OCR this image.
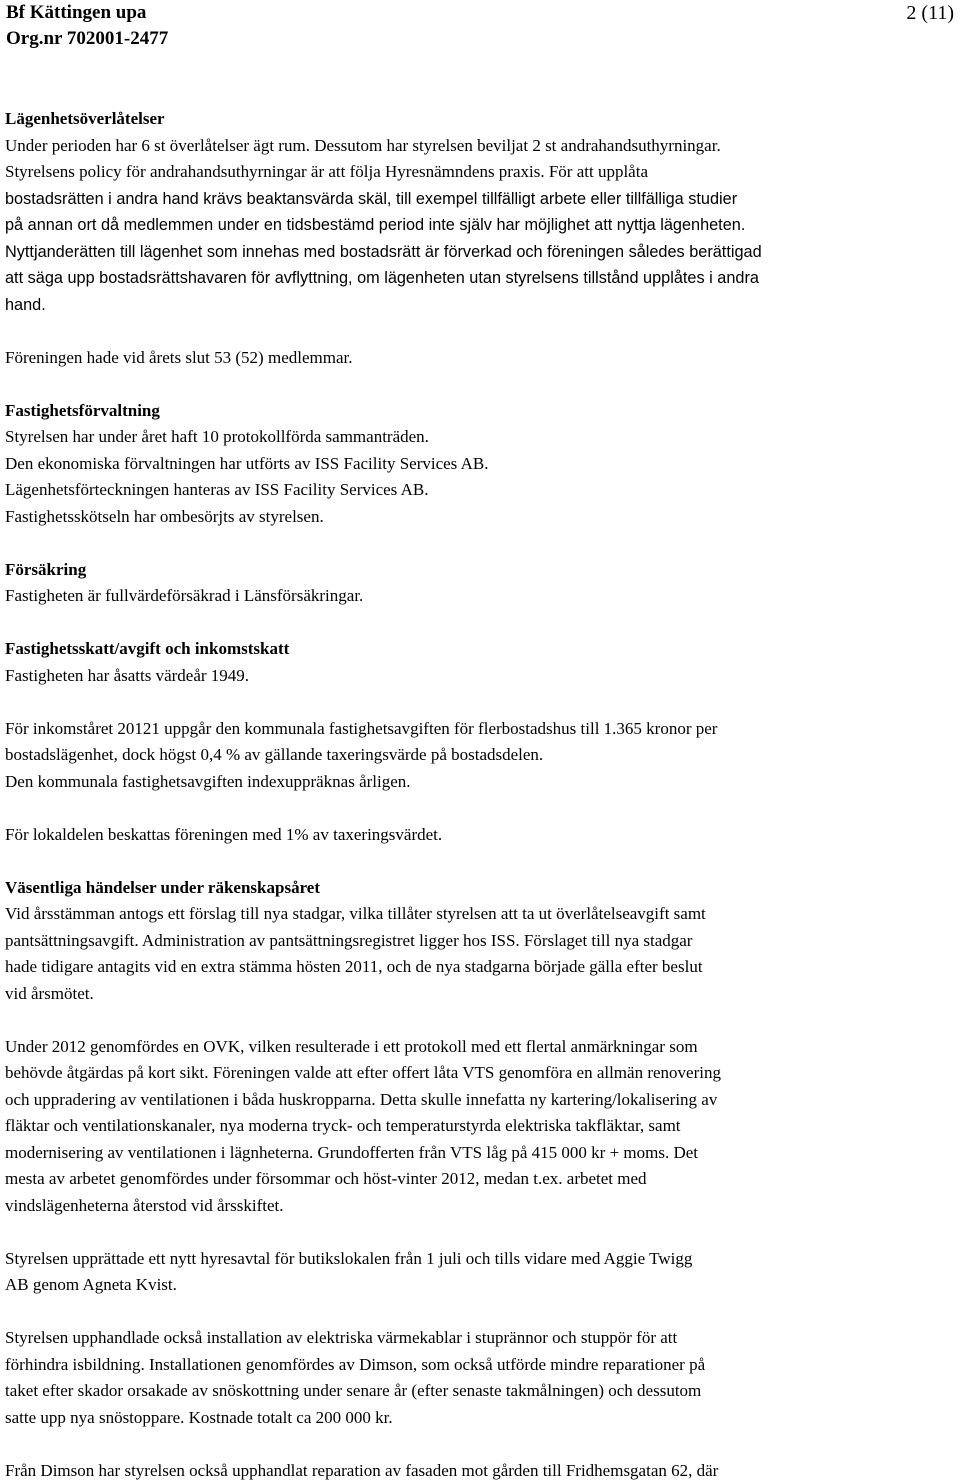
Bf Kättingen upa	2 (11)
Org.nr 702001-2477
Lägenhetsöverlåtelser
Under perioden har 6 st överlåtelser ägt rum. Dessutom har styrelsen beviljat 2 st andrahandsuthyrningar.
Styrelsens policy för andrahandsuthyrningar är att följa Hyresnämndens praxis. För att upplåta
bostadsrätten i andra hand krävs beaktansvärda skäl, till exempel tillfälligt arbete eller tillfälliga studier
på annan ort då medlemmen under en tidsbestämd period inte själv har möjlighet att nyttja lägenheten.
Nyttjanderätten till lägenhet som innehas med bostadsrätt är förverkad och föreningen således berättigad
att säga upp bostadsrättshavaren för avflyttning, om lägenheten utan styrelsens tillstånd upplåtes i andra
hand.
Föreningen hade vid årets slut 53 (52) medlemmar.
Fastighetsförvaltning
Styrelsen har under året haft 10 protokollförda sammanträden.
Den ekonomiska förvaltningen har utförts av ISS Facility Services AB.
Lägenhetsförteckningen hanteras av ISS Facility Services AB.
Fastighetsskötseln har ombesörjts av styrelsen.
Försäkring
Fastigheten är fullvärdeförsäkrad i Länsförsäkringar.
Fastighetsskatt/avgift och inkomstskatt
Fastigheten har åsatts värdeår 1949.
För inkomståret 20121 uppgår den kommunala fastighetsavgiften för flerbostadshus till 1.365 kronor per
bostadslägenhet, dock högst 0,4 % av gällande taxeringsvärde på bostadsdelen.
Den kommunala fastighetsavgiften indexuppräknas årligen.
För lokaldelen beskattas föreningen med 1% av taxeringsvärdet.
Väsentliga händelser under räkenskapsåret
Vid årsstämman antogs ett förslag till nya stadgar, vilka tillåter styrelsen att ta ut överlåtelseavgift samt
pantsättningsavgift. Administration av pantsättningsregistret ligger hos ISS. Förslaget till nya stadgar
hade tidigare antagits vid en extra stämma hösten 2011, och de nya stadgarna började gälla efter beslut
vid årsmötet.
Under 2012 genomfördes en OVK, vilken resulterade i ett protokoll med ett flertal anmärkningar som
behövde åtgärdas på kort sikt. Föreningen valde att efter offert låta VTS genomföra en allmän renovering
och uppradering av ventilationen i båda huskropparna. Detta skulle innefatta ny kartering/lokalisering av
fläktar och ventilationskanaler, nya moderna tryck- och temperaturstyrda elektriska takfläktar, samt
modernisering av ventilationen i lägnheterna. Grundofferten från VTS låg på 415 000 kr + moms. Det
mesta av arbetet genomfördes under försommar och höst-vinter 2012, medan t.ex. arbetet med
vindslägenheterna återstod vid årsskiftet.
Styrelsen upprättade ett nytt hyresavtal för butikslokalen från 1 juli och tills vidare med Aggie Twigg
AB genom Agneta Kvist.
Styrelsen upphandlade också installation av elektriska värmekablar i stuprännor och stupрör för att
förhindra isbildning. Installationen genomfördes av Dimson, som också utförde mindre reparationer på
taket efter skador orsakade av snöskottning under senare år (efter senaste takmålningen) och dessutom
satte upp nya snöstoppare. Kostnade totalt ca 200 000 kr.
Från Dimson har styrelsen också upphandlat reparation av fasaden mot gården till Fridhemsgatan 62, där
